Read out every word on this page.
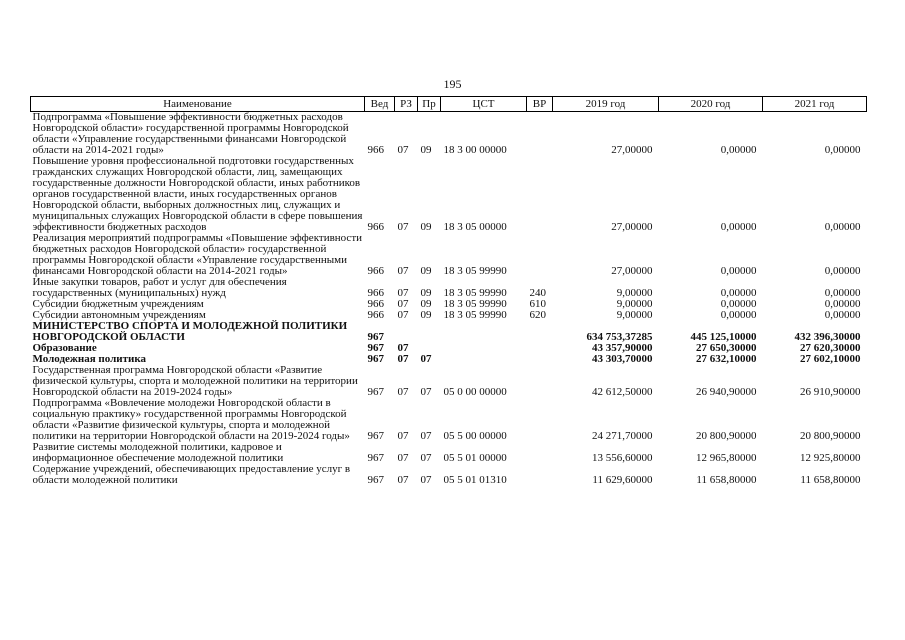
195
Наименование	Вед	РЗ	Пр	ЦСТ	ВР	2019 год	2020 год	2021 год
Подпрограмма «Повышение эффективности бюджетных расходов Новгородской области» государственной программы Новгородской области «Управление государственными финансами Новгородской области на 2014-2021 годы»	966	07	09	18 3 00 00000		27,00000	0,00000	0,00000
Повышение уровня профессиональной подготовки государственных гражданских служащих Новгородской области, лиц, замещающих государственные должности Новгородской области, иных работников органов государственной власти, иных государственных органов Новгородской области, выборных должностных лиц, служащих и муниципальных служащих Новгородской области в сфере повышения эффективности бюджетных расходов	966	07	09	18 3 05 00000		27,00000	0,00000	0,00000
Реализация мероприятий подпрограммы «Повышение эффективности бюджетных расходов Новгородской области» государственной программы Новгородской области «Управление государственными финансами Новгородской области на 2014-2021 годы»	966	07	09	18 3 05 99990		27,00000	0,00000	0,00000
Иные закупки товаров, работ и услуг для обеспечения государственных (муниципальных) нужд	966	07	09	18 3 05 99990	240	9,00000	0,00000	0,00000
Субсидии бюджетным учреждениям	966	07	09	18 3 05 99990	610	9,00000	0,00000	0,00000
Субсидии автономным учреждениям	966	07	09	18 3 05 99990	620	9,00000	0,00000	0,00000
МИНИСТЕРСТВО СПОРТА И МОЛОДЕЖНОЙ ПОЛИТИКИ НОВГОРОДСКОЙ ОБЛАСТИ	967					634 753,37285	445 125,10000	432 396,30000
Образование	967	07				43 357,90000	27 650,30000	27 620,30000
Молодежная политика	967	07	07			43 303,70000	27 632,10000	27 602,10000
Государственная программа Новгородской области «Развитие физической культуры, спорта и молодежной политики на территории Новгородской области на 2019-2024 годы»	967	07	07	05 0 00 00000		42 612,50000	26 940,90000	26 910,90000
Подпрограмма «Вовлечение молодежи Новгородской области в социальную практику» государственной программы Новгородской области «Развитие физической культуры, спорта и молодежной политики на территории Новгородской области на 2019-2024 годы»	967	07	07	05 5 00 00000		24 271,70000	20 800,90000	20 800,90000
Развитие системы молодежной политики, кадровое и информационное обеспечение молодежной политики	967	07	07	05 5 01 00000		13 556,60000	12 965,80000	12 925,80000
Содержание учреждений, обеспечивающих предоставление услуг в области молодежной политики	967	07	07	05 5 01 01310		11 629,60000	11 658,80000	11 658,80000
